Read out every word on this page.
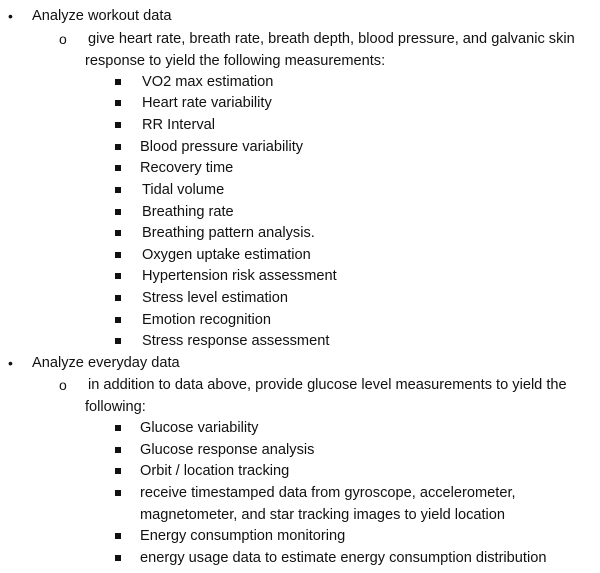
• Analyze workout data
o give heart rate, breath rate, breath depth, blood pressure, and galvanic skin
response to yield the following measurements:
VO2 max estimation
Heart rate variability
RR Interval
Blood pressure variability
Recovery time
Tidal volume
Breathing rate
Breathing pattern analysis.
Oxygen uptake estimation
Hypertension risk assessment
Stress level estimation
Emotion recognition
Stress response assessment
• Analyze everyday data
o in addition to data above, provide glucose level measurements to yield the
following:
Glucose variability
Glucose response analysis
Orbit / location tracking
receive timestamped data from gyroscope, accelerometer,
magnetometer, and star tracking images to yield location
Energy consumption monitoring
energy usage data to estimate energy consumption distribution
